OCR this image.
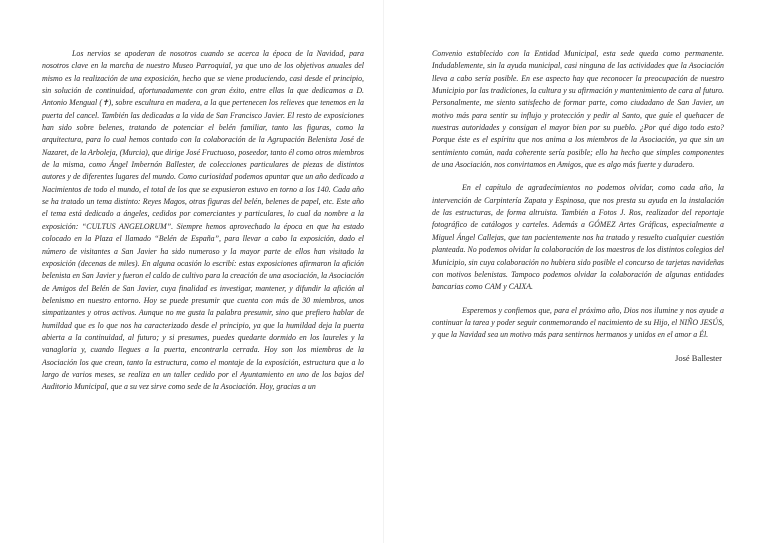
Los nervios se apoderan de nosotros cuando se acerca la época de la Navidad, para nosotros clave en la marcha de nuestro Museo Parroquial, ya que uno de los objetivos anuales del mismo es la realización de una exposición, hecho que se viene produciendo, casi desde el principio, sin solución de continuidad, afortunadamente con gran éxito, entre ellas la que dedicamos a D. Antonio Mengual (✝), sobre escultura en madera, a la que pertenecen los relieves que tenemos en la puerta del cancel. También las dedicadas a la vida de San Francisco Javier. El resto de exposiciones han sido sobre belenes, tratando de potenciar el belén familiar, tanto las figuras, como la arquitectura, para lo cual hemos contado con la colaboración de la Agrupación Belenista José de Nazaret, de la Arboleja, (Murcia), que dirige José Fructuoso, poseedor, tanto él como otros miembros de la misma, como Ángel Imbernón Ballester, de colecciones particulares de piezas de distintos autores y de diferentes lugares del mundo. Como curiosidad podemos apuntar que un año dedicado a Nacimientos de todo el mundo, el total de los que se expusieron estuvo en torno a los 140. Cada año se ha tratado un tema distinto: Reyes Magos, otras figuras del belén, belenes de papel, etc. Este año el tema está dedicado a ángeles, cedidos por comerciantes y particulares, lo cual da nombre a la exposición: “CULTUS ANGELORUM”. Siempre hemos aprovechado la época en que ha estado colocado en la Plaza el llamado “Belén de España”, para llevar a cabo la exposición, dado el número de visitantes a San Javier ha sido numeroso y la mayor parte de ellos han visitado la exposición (decenas de miles). En alguna ocasión lo escribí: estas exposiciones afirmaron la afición belenista en San Javier y fueron el caldo de cultivo para la creación de una asociación, la Asociación de Amigos del Belén de San Javier, cuya finalidad es investigar, mantener, y difundir la afición al belenismo en nuestro entorno. Hoy se puede presumir que cuenta con más de 30 miembros, unos simpatizantes y otros activos. Aunque no me gusta la palabra presumir, sino que prefiero hablar de humildad que es lo que nos ha caracterizado desde el principio, ya que la humildad deja la puerta abierta a la continuidad, al futuro; y si presumes, puedes quedarte dormido en los laureles y la vanagloria y, cuando llegues a la puerta, encontrarla cerrada. Hoy son los miembros de la Asociación los que crean, tanto la estructura, como el montaje de la exposición, estructura que a lo largo de varios meses, se realiza en un taller cedido por el Ayuntamiento en uno de los bajos del Auditorio Municipal, que a su vez sirve como sede de la Asociación. Hoy, gracias a un

Convenio establecido con la Entidad Municipal, esta sede queda como permanente. Indudablemente, sin la ayuda municipal, casi ninguna de las actividades que la Asociación lleva a cabo sería posible. En ese aspecto hay que reconocer la preocupación de nuestro Municipio por las tradiciones, la cultura y su afirmación y mantenimiento de cara al futuro. Personalmente, me siento satisfecho de formar parte, como ciudadano de San Javier, un motivo más para sentir su influjo y protección y pedir al Santo, que guíe el quehacer de nuestras autoridades y consigan el mayor bien por su pueblo. ¿Por qué digo todo esto? Porque éste es el espíritu que nos anima a los miembros de la Asociación, ya que sin un sentimiento común, nada coherente sería posible; ello ha hecho que simples componentes de una Asociación, nos convirtamos en Amigos, que es algo más fuerte y duradero.

En el capítulo de agradecimientos no podemos olvidar, como cada año, la intervención de Carpintería Zapata y Espinosa, que nos presta su ayuda en la instalación de las estructuras, de forma altruista. También a Fotos J. Ros, realizador del reportaje fotográfico de catálogos y carteles. Además a GÓMEZ Artes Gráficas, especialmente a Miguel Ángel Callejas, que tan pacientemente nos ha tratado y resuelto cualquier cuestión planteada. No podemos olvidar la colaboración de los maestros de los distintos colegios del Municipio, sin cuya colaboración no hubiera sido posible el concurso de tarjetas navideñas con motivos belenistas. Tampoco podemos olvidar la colaboración de algunas entidades bancarias como CAM y CAIXA.

Esperemos y confiemos que, para el próximo año, Dios nos ilumine y nos ayude a continuar la tarea y poder seguir conmemorando el nacimiento de su Hijo, el NIÑO JESÚS, y que la Navidad sea un motivo más para sentirnos hermanos y unidos en el amor a Él.

José Ballester
